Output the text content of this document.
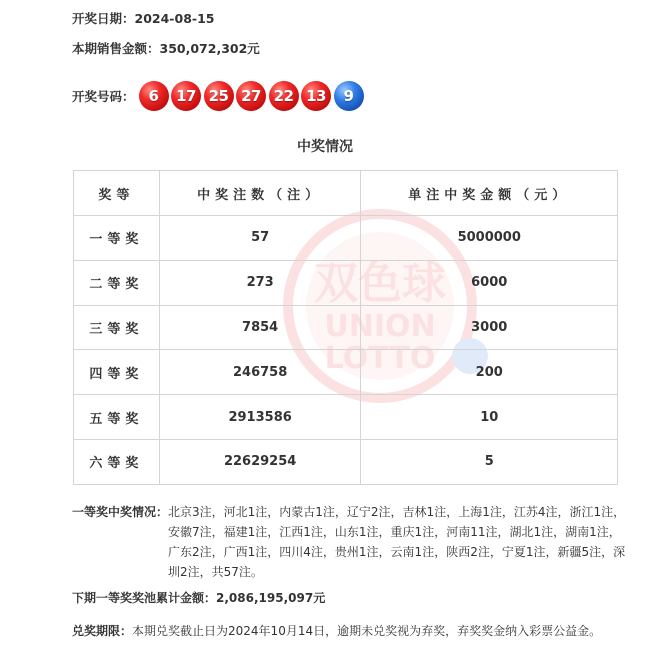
开奖日期：2024-08-15
本期销售金额：350,072,302元
开奖号码： 6	17 25 27 22 13	9
中奖情况
双色球
UNION
LOTTO
奖等	中奖注数（注）	单注中奖金额（元）
一等奖	57	5000000
二等奖	273	6000
三等奖	7854	3000
四等奖	246758	200
五等奖	2913586	10
六等奖	22629254	5
一等奖中奖情况： 北京3注，河北1注，内蒙古1注，辽宁2注，吉林1注，上海1注，江苏4注，浙江1注，安徽7注，福建1注，江西1注，山东1注，重庆1注，河南11注，湖北1注，湖南1注，广东2注，广西1注，四川4注，贵州1注，云南1注，陕西2注，宁夏1注，新疆5注，深圳2注，共57注。
下期一等奖奖池累计金额：2,086,195,097元
兑奖期限： 本期兑奖截止日为2024年10月14日，逾期未兑奖视为弃奖，弃奖奖金纳入彩票公益金。
